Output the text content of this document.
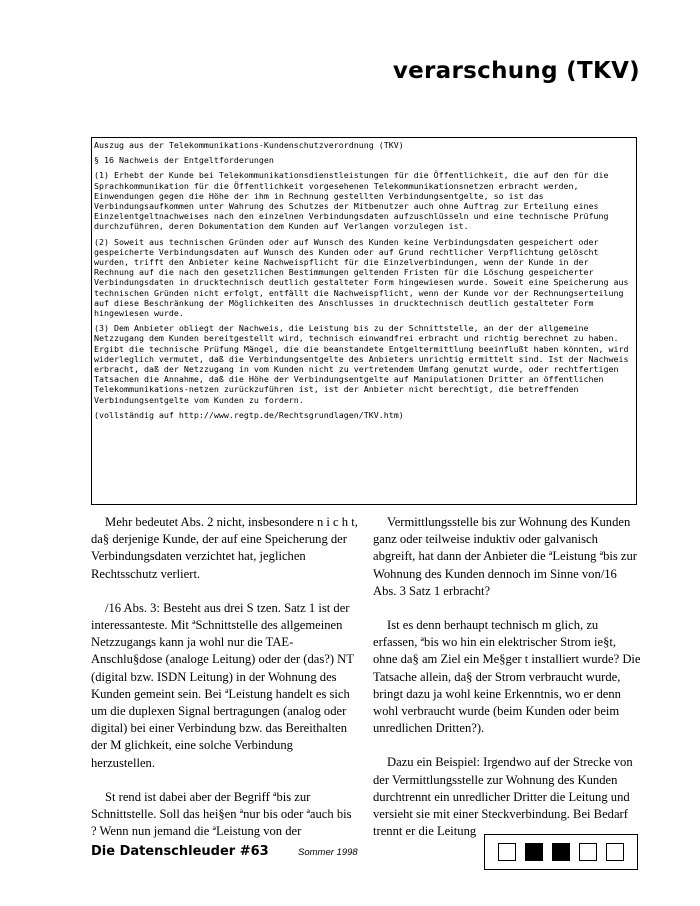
verarschung (TKV)

Auszug aus der Telekommunikations-Kundenschutzverordnung (TKV)

§ 16 Nachweis der Entgeltforderungen

(1) Erhebt der Kunde bei Telekommunikationsdienstleistungen für die Öffentlichkeit, die auf den für die Sprachkommunikation für die Öffentlichkeit vorgesehenen Telekommunikationsnetzen erbracht werden, Einwendungen gegen die Höhe der ihm in Rechnung gestellten Verbindungsentgelte, so ist das Verbindungsaufkommen unter Wahrung des Schutzes der Mitbenutzer auch ohne Auftrag zur Erteilung eines Einzelentgeltnachweises nach den einzelnen Verbindungsdaten aufzuschlüsseln und eine technische Prüfung durchzuführen, deren Dokumentation dem Kunden auf Verlangen vorzulegen ist.

(2) Soweit aus technischen Gründen oder auf Wunsch des Kunden keine Verbindungsdaten gespeichert oder gespeicherte Verbindungsdaten auf Wunsch des Kunden oder auf Grund rechtlicher Verpflichtung gelöscht wurden, trifft den Anbieter keine Nachweispflicht für die Einzelverbindungen, wenn der Kunde in der Rechnung auf die nach den gesetzlichen Bestimmungen geltenden Fristen für die Löschung gespeicherter Verbindungsdaten in drucktechnisch deutlich gestalteter Form hingewiesen wurde. Soweit eine Speicherung aus technischen Gründen nicht erfolgt, entfällt die Nachweispflicht, wenn der Kunde vor der Rechnungserteilung auf diese Beschränkung der Möglichkeiten des Anschlusses in drucktechnisch deutlich gestalteter Form hingewiesen wurde.

(3) Dem Anbieter obliegt der Nachweis, die Leistung bis zu der Schnittstelle, an der der allgemeine Netzzugang dem Kunden bereitgestellt wird, technisch einwandfrei erbracht und richtig berechnet zu haben. Ergibt die technische Prüfung Mängel, die die beanstandete Entgeltermittlung beeinflußt haben könnten, wird widerleglich vermutet, daß die Verbindungsentgelte des Anbieters unrichtig ermittelt sind. Ist der Nachweis erbracht, daß der Netzzugang in vom Kunden nicht zu vertretendem Umfang genutzt wurde, oder rechtfertigen Tatsachen die Annahme, daß die Höhe der Verbindungsentgelte auf Manipulationen Dritter an öffentlichen Telekommunikations-netzen zurückzuführen ist, ist der Anbieter nicht berechtigt, die betreffenden Verbindungsentgelte vom Kunden zu fordern.

(vollständig auf http://www.regtp.de/Rechtsgrundlagen/TKV.htm)

Mehr bedeutet Abs. 2 nicht, insbesondere n i c h t, da§ derjenige Kunde, der auf eine Speicherung der Verbindungsdaten verzichtet hat, jeglichen Rechtsschutz verliert.

/16 Abs. 3: Besteht aus drei S tzen. Satz 1 ist der interessanteste. Mit ªSchnittstelle des allgemeinen Netzzugangs kann ja wohl nur die TAE-Anschlu§dose (analoge Leitung) oder der (das?) NT (digital bzw. ISDN Leitung) in der Wohnung des Kunden gemeint sein. Bei ªLeistung handelt es sich um die duplexen Signal bertragungen (analog oder digital) bei einer Verbindung bzw. das Bereithalten der M glichkeit, eine solche Verbindung herzustellen.

St rend ist dabei aber der Begriff ªbis zur Schnittstelle. Soll das hei§en ªnur bis oder ªauch bis ? Wenn nun jemand die ªLeistung von der

Vermittlungsstelle bis zur Wohnung des Kunden ganz oder teilweise induktiv oder galvanisch abgreift, hat dann der Anbieter die ªLeistung ªbis zur Wohnung des Kunden dennoch im Sinne von/16 Abs. 3 Satz 1 erbracht?

Ist es denn berhaupt technisch m glich, zu erfassen, ªbis wo hin ein elektrischer Strom ie§t, ohne da§ am Ziel ein Me§ger t installiert wurde? Die Tatsache allein, da§ der Strom verbraucht wurde, bringt dazu ja wohl keine Erkenntnis, wo er denn wohl verbraucht wurde (beim Kunden oder beim unredlichen Dritten?).

Dazu ein Beispiel: Irgendwo auf der Strecke von der Vermittlungsstelle zur Wohnung des Kunden durchtrennt ein unredlicher Dritter die Leitung und versieht sie mit einer Steckverbindung. Bei Bedarf trennt er die Leitung

Die Datenschleuder #63	Sommer 1998
